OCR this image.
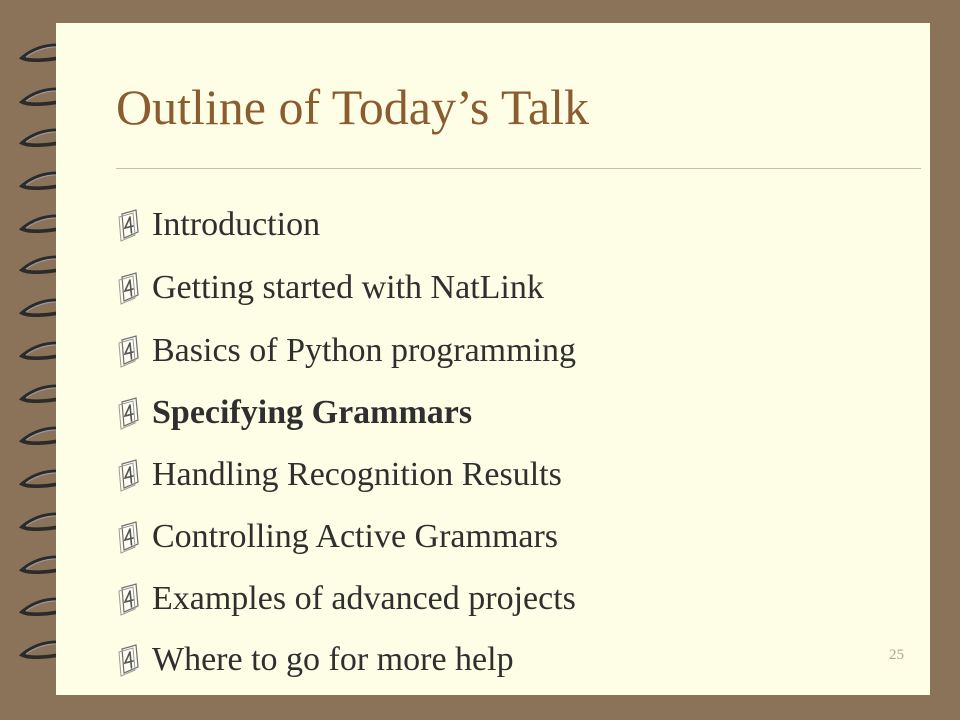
Outline of Today’s Talk
Introduction
Getting started with NatLink
Basics of Python programming
Specifying Grammars
Handling Recognition Results
Controlling Active Grammars
Examples of advanced projects
Where to go for more help	25
